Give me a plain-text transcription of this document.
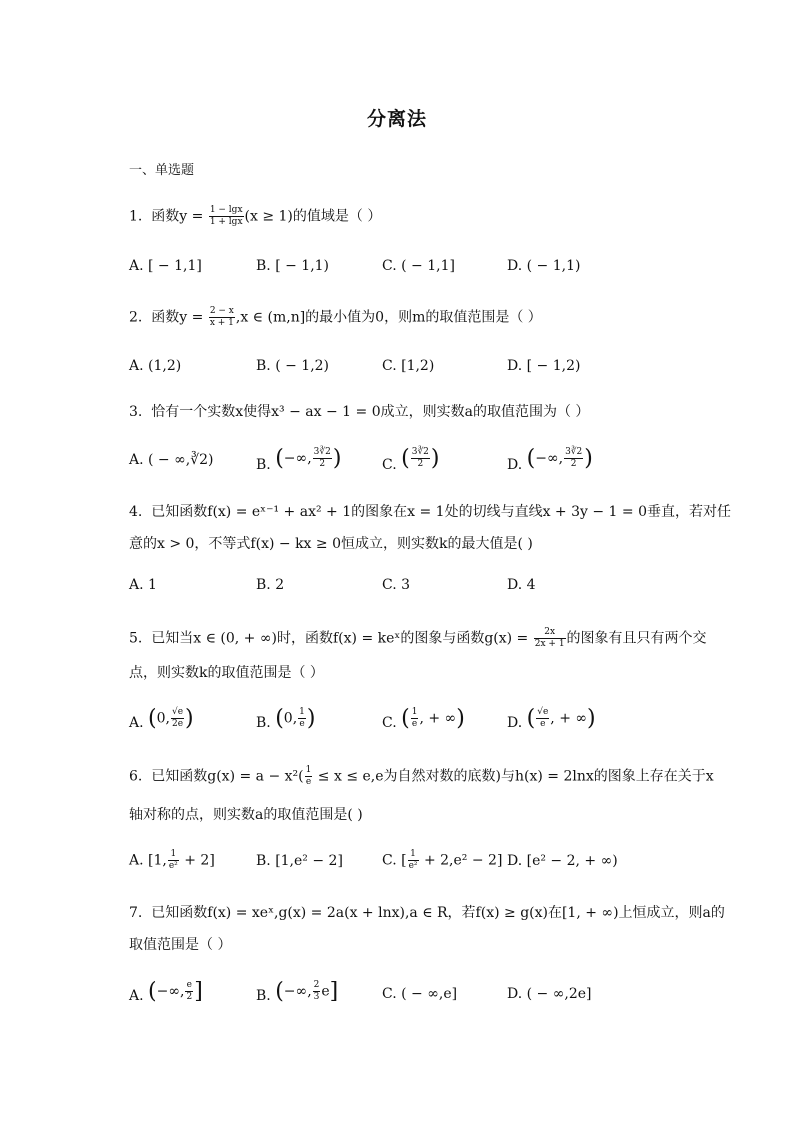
分离法
一、单选题
1.  函数$y = \frac{1 - \lg x}{1 + \lg x} (x \ge 1)$的值域是（ ）
A. [ − 1,1]	B. [ − 1,1)	C. ( − 1,1]	D. ( − 1,1)
2.  函数$y = \frac{2 - x}{x + 1} ,x$ ∈ (m,n]的最小值为0，则m的取值范围是（ ）
A. (1,2)	B. ( − 1,2)	C. [1,2)	D. [ − 1,2)
3.  恰有一个实数x使得x³ − ax − 1 = 0成立，则实数a的取值范围为（ ）
A. ( − ∞,∛2)	B. (−∞, $\frac{3∛2}{2}$ )	C. ( $\frac{3∛2}{2}$ )	D. (−∞, $\frac{3∛2}{2}$ )
4.  已知函数f(x) = eˣ⁻¹ + ax² + 1的图象在x = 1处的切线与直线x + 3y − 1 = 0垂直，若对任
意的x > 0，不等式f(x) − kx ≥ 0恒成立，则实数k的最大值是( )
A. 1	B. 2	C. 3	D. 4
5.  已知当x ∈ (0, + ∞)时，函数f(x) = keˣ的图象与函数$g(x) = \frac{2x}{2x + 1}$ 的图象有且只有两个交
点，则实数k的取值范围是（ ）
A. (0, $\frac{√e}{2e}$ )	B. (0, $\frac{1}{e}$ )	C. ( $\frac{1}{e}$ , + ∞)	D. ( $\frac{√e}{e}$ , + ∞)
6.  已知函数$g(x) = a - x^2( \frac{1}{e} \le x \le e,e$为自然对数的底数)与h(x) = 2lnx的图象上存在关于x
轴对称的点，则实数a的取值范围是( )
A. [1, $\frac{1}{\text{e²}} + 2$]	B. [1,e² − 2]	C. [ $\frac{1}{\text{e²}} + 2,e^2 - 2$] D. [e² − 2, + ∞)
7.  已知函数f(x) = xeˣ,g(x) = 2a(x + lnx),a ∈ R，若f(x) ≥ g(x)在[1, + ∞)上恒成立，则a的
取值范围是（ ）
A. (−∞, $\frac{e}{2}$ ]	B. (−∞, $\frac{2}{3} e$]	C. ( − ∞,e]	D. ( − ∞,2e]
